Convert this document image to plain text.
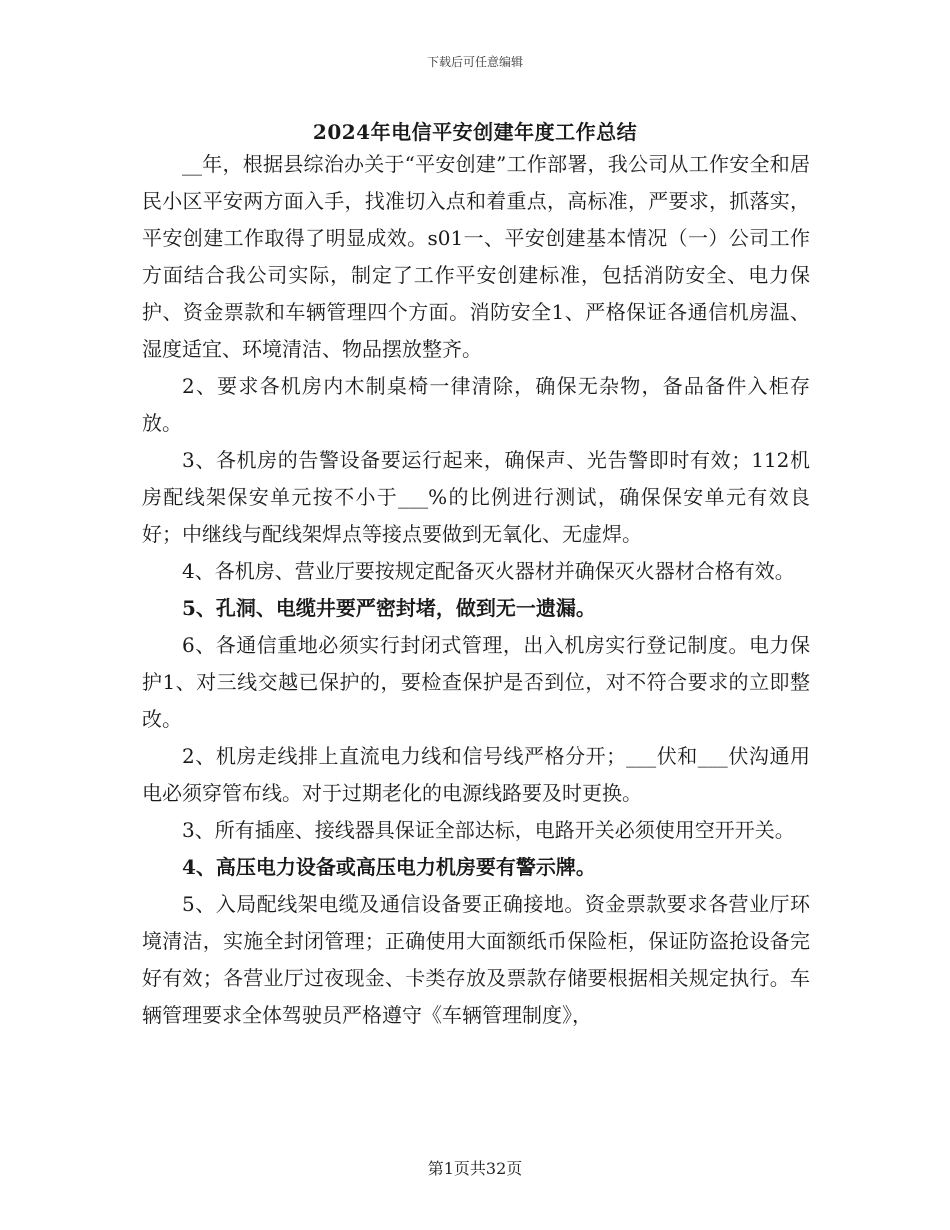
下载后可任意编辑
2024年电信平安创建年度工作总结

__年，根据县综治办关于“平安创建”工作部署，我公司从工作安全和居民小区平安两方面入手，找准切入点和着重点，高标准，严要求，抓落实，平安创建工作取得了明显成效。s01一、平安创建基本情况（一）公司工作方面结合我公司实际，制定了工作平安创建标准，包括消防安全、电力保护、资金票款和车辆管理四个方面。消防安全1、严格保证各通信机房温、湿度适宜、环境清洁、物品摆放整齐。

2、要求各机房内木制桌椅一律清除，确保无杂物，备品备件入柜存放。

3、各机房的告警设备要运行起来，确保声、光告警即时有效；112机房配线架保安单元按不小于___%的比例进行测试，确保保安单元有效良好；中继线与配线架焊点等接点要做到无氧化、无虚焊。

4、各机房、营业厅要按规定配备灭火器材并确保灭火器材合格有效。

5、孔洞、电缆井要严密封堵，做到无一遗漏。

6、各通信重地必须实行封闭式管理，出入机房实行登记制度。电力保护1、对三线交越已保护的，要检查保护是否到位，对不符合要求的立即整改。

2、机房走线排上直流电力线和信号线严格分开；___伏和___伏沟通用电必须穿管布线。对于过期老化的电源线路要及时更换。

3、所有插座、接线器具保证全部达标，电路开关必须使用空开开关。

4、高压电力设备或高压电力机房要有警示牌。

5、入局配线架电缆及通信设备要正确接地。资金票款要求各营业厅环境清洁，实施全封闭管理；正确使用大面额纸币保险柜，保证防盗抢设备完好有效；各营业厅过夜现金、卡类存放及票款存储要根据相关规定执行。车辆管理要求全体驾驶员严格遵守《车辆管理制度》，

第1页共32页
